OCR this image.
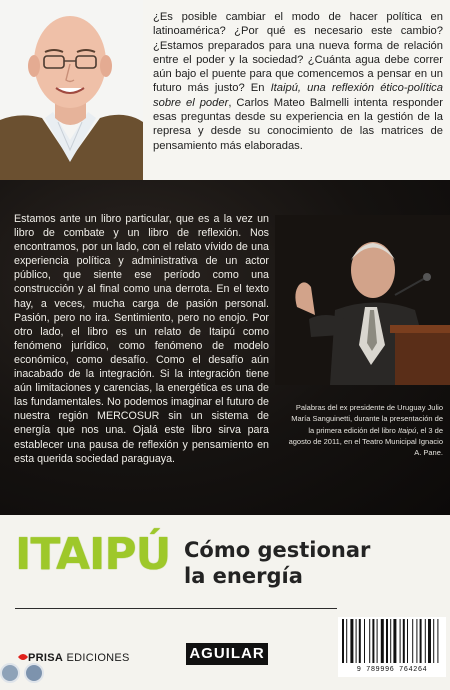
¿Es posible cambiar el modo de hacer política en latinoamérica? ¿Por qué es necesario este cambio? ¿Estamos preparados para una nueva forma de relación entre el poder y la sociedad? ¿Cuánta agua debe correr aún bajo el puente para que comencemos a pensar en un futuro más justo? En Itaipú, una reflexión ético-política sobre el poder, Carlos Mateo Balmelli intenta responder esas preguntas desde su experiencia en la gestión de la represa y desde su conocimiento de las matrices de pensamiento más elaboradas.
Estamos ante un libro particular, que es a la vez un libro de combate y un libro de reflexión. Nos encontramos, por un lado, con el relato vívido de una experiencia política y administrativa de un actor público, que siente ese período como una construcción y al final como una derrota. En el texto hay, a veces, mucha carga de pasión personal. Pasión, pero no ira. Sentimiento, pero no enojo. Por otro lado, el libro es un relato de Itaipú como fenómeno jurídico, como fenómeno de modelo económico, como desafío. Como el desafío aún inacabado de la integración. Si la integración tiene aún limitaciones y carencias, la energética es una de las fundamentales. No podemos imaginar el futuro de nuestra región MERCOSUR sin un sistema de energía que nos una. Ojalá este libro sirva para establecer una pausa de reflexión y pensamiento en esta querida sociedad paraguaya.
Palabras del ex presidente de Uruguay Julio María Sanguinetti, durante la presentación de la primera edición del libro Itaipú, el 3 de agosto de 2011, en el Teatro Municipal Ignacio A. Pane.
ITAIPÚ Cómo gestionar la energía
PRISA EDICIONES	AGUILAR
9 789996 764264
